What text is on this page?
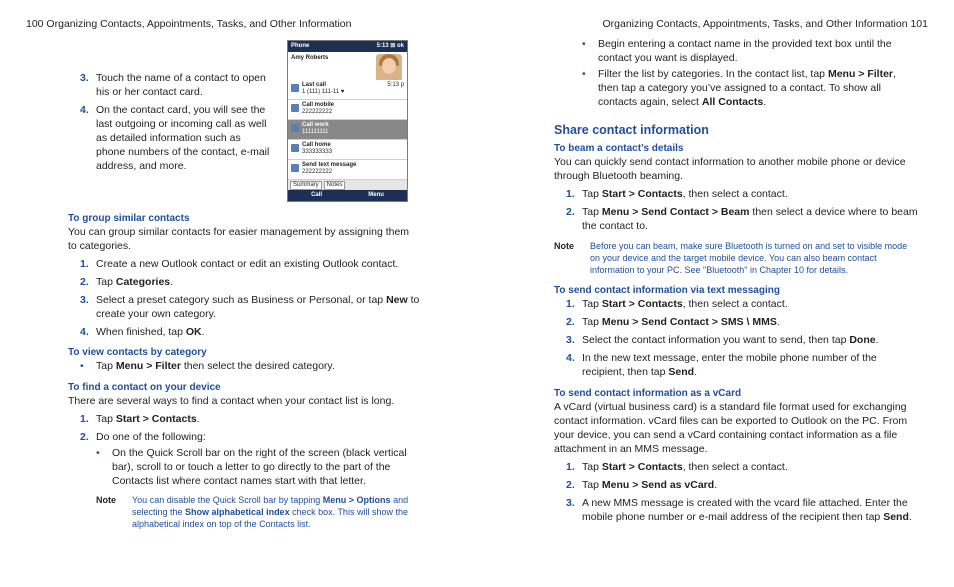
100 Organizing Contacts, Appointments, Tasks, and Other Information
3. Touch the name of a contact to open his or her contact card.
4. On the contact card, you will see the last outgoing or incoming call as well as detailed information such as phone numbers of the contact, e-mail address, and more.
Phone	5:13 ⊠ ok
Amy Roberts
Last call
1 (111) 111-11 ♥
5:13 p
Call mobile
222222222
Call work
111111111
Call home
333333333
Send text message
222222222
Summary	Notes
Call	Menu
To group similar contacts
You can group similar contacts for easier management by assigning them to categories.
1. Create a new Outlook contact or edit an existing Outlook contact.
2. Tap Categories.
3. Select a preset category such as Business or Personal, or tap New to create your own category.
4. When finished, tap OK.
To view contacts by category
•	Tap Menu > Filter then select the desired category.
To find a contact on your device
There are several ways to find a contact when your contact list is long.
1. Tap Start > Contacts.
2. Do one of the following:
•	On the Quick Scroll bar on the right of the screen (black vertical bar), scroll to or touch a letter to go directly to the part of the Contacts list where contact names start with that letter.
Note	You can disable the Quick Scroll bar by tapping Menu > Options and selecting the Show alphabetical index check box. This will show the alphabetical index on top of the Contacts list.
Organizing Contacts, Appointments, Tasks, and Other Information 101
•	Begin entering a contact name in the provided text box until the contact you want is displayed.
•	Filter the list by categories. In the contact list, tap Menu > Filter, then tap a category you’ve assigned to a contact. To show all contacts again, select All Contacts.
Share contact information
To beam a contact’s details
You can quickly send contact information to another mobile phone or device through Bluetooth beaming.
1. Tap Start > Contacts, then select a contact.
2. Tap Menu > Send Contact > Beam then select a device where to beam the contact to.
Note	Before you can beam, make sure Bluetooth is turned on and set to visible mode on your device and the target mobile device. You can also beam contact information to your PC. See "Bluetooth" in Chapter 10 for details.
To send contact information via text messaging
1. Tap Start > Contacts, then select a contact.
2. Tap Menu > Send Contact > SMS \ MMS.
3. Select the contact information you want to send, then tap Done.
4. In the new text message, enter the mobile phone number of the recipient, then tap Send.
To send contact information as a vCard
A vCard (virtual business card) is a standard file format used for exchanging contact information. vCard files can be exported to Outlook on the PC. From your device, you can send a vCard containing contact information as a file attachment in an MMS message.
1. Tap Start > Contacts, then select a contact.
2. Tap Menu > Send as vCard.
3. A new MMS message is created with the vcard file attached. Enter the mobile phone number or e-mail address of the recipient then tap Send.
